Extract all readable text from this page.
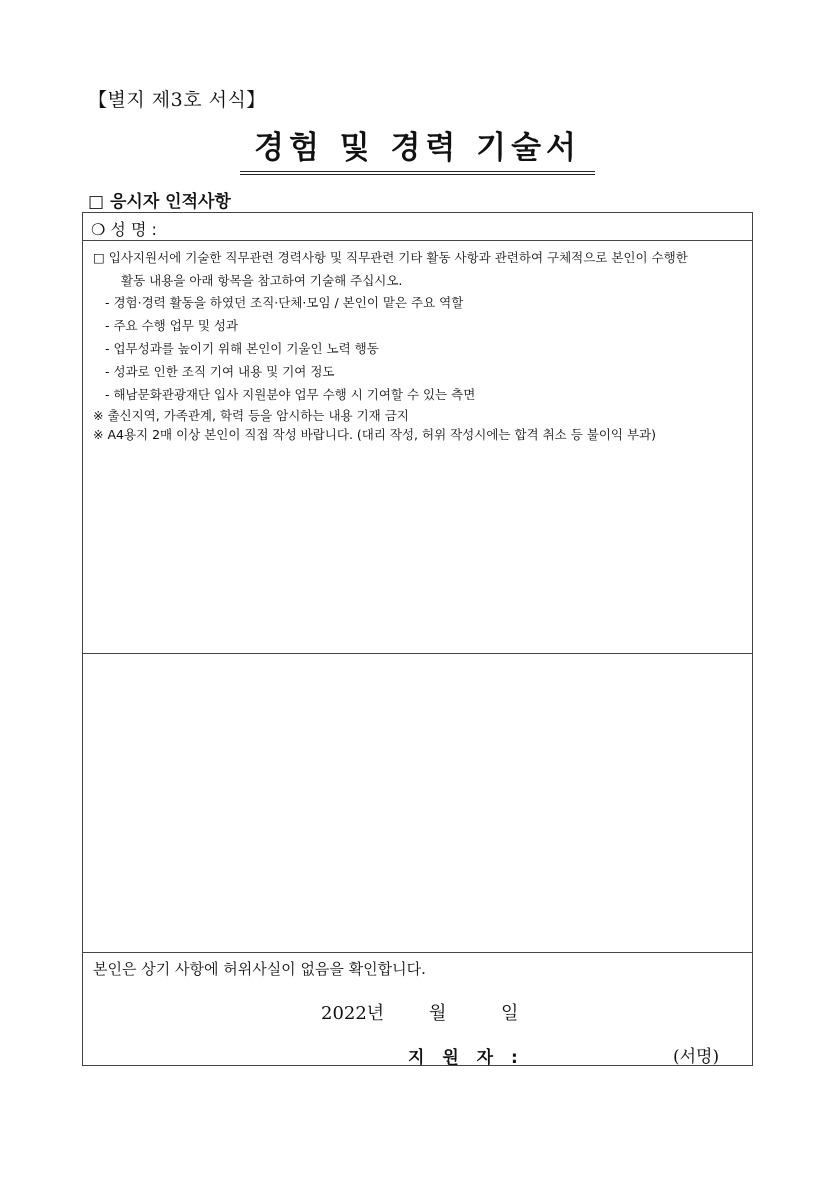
【별지 제3호 서식】
경험 및 경력 기술서
□ 응시자 인적사항
❍ 성 명 :
□ 입사지원서에 기술한 직무관련 경력사항 및 직무관련 기타 활동 사항과 관련하여 구체적으로 본인이 수행한
활동 내용을 아래 항목을 참고하여 기술해 주십시오.
- 경험·경력 활동을 하였던 조직·단체·모임 / 본인이 맡은 주요 역할
- 주요 수행 업무 및 성과
- 업무성과를 높이기 위해 본인이 기울인 노력 행동
- 성과로 인한 조직 기여 내용 및 기여 정도
- 해남문화관광재단 입사 지원분야 업무 수행 시 기여할 수 있는 측면
※ 출신지역, 가족관계, 학력 등을 암시하는 내용 기재 금지
※ A4용지 2매 이상 본인이 직접 작성 바랍니다. (대리 작성, 허위 작성시에는 합격 취소 등 불이익 부과)
본인은 상기 사항에 허위사실이 없음을 확인합니다.
2022년 월	일
지 원 자 :	(서명)
